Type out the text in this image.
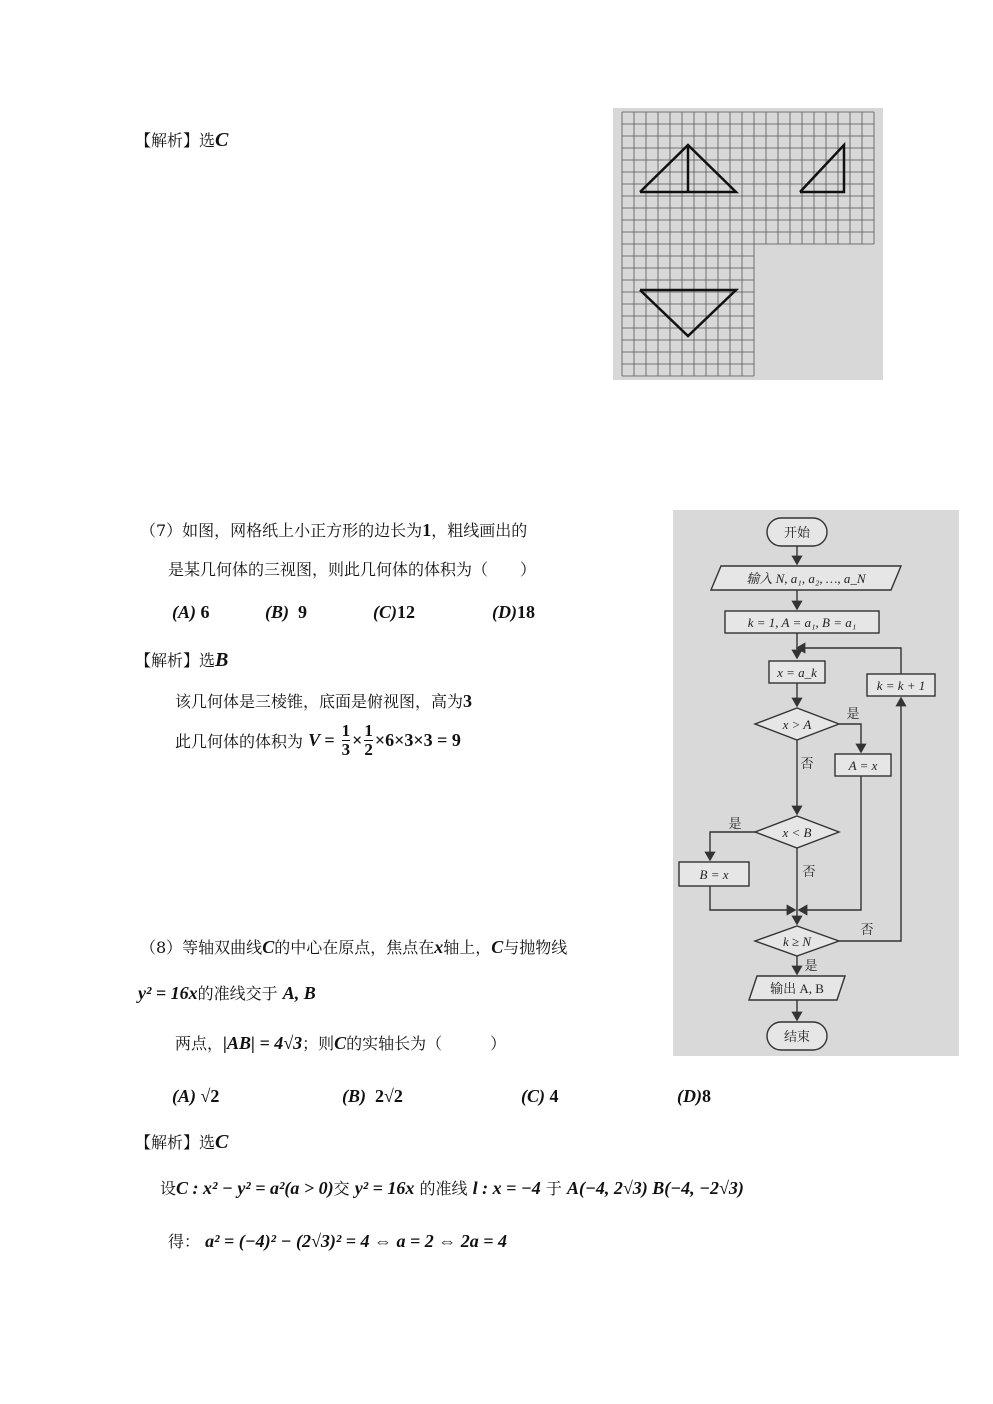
【解析】选C
（7）如图，网格纸上小正方形的边长为1，粗线画出的
是某几何体的三视图，则此几何体的体积为（　　）
(A) 6	(B) 9	(C)12	(D)18
【解析】选B
该几何体是三棱锥，底面是俯视图，高为3
此几何体的体积为 $V = \frac{1}{3} \times \frac{1}{2} \times 6\times 3\times 3 = 9$
开始
输入 N, a₁, a₂, …, a_N
k = 1, A = a₁, B = a₁
x = a_k
x > A
是
否	A = x
x < B
是
否
B = x
k = k + 1
k ≥ N
否
是
输出 A, B
结束
（8）等轴双曲线C的中心在原点，焦点在x轴上，C与抛物线
y² = 16x的准线交于 A, B
两点，|AB| = 4√3；则C的实轴长为（　　　）
(A) √2	(B) 2√2	(C) 4	(D)8
【解析】选C
设C : x² − y² = a²(a > 0)交 y² = 16x 的准线 l : x = −4 于 A(−4, 2√3) B(−4, −2√3)
得： a² = (−4)² − (2√3)² = 4 ⇔ a = 2 ⇔ 2a = 4
